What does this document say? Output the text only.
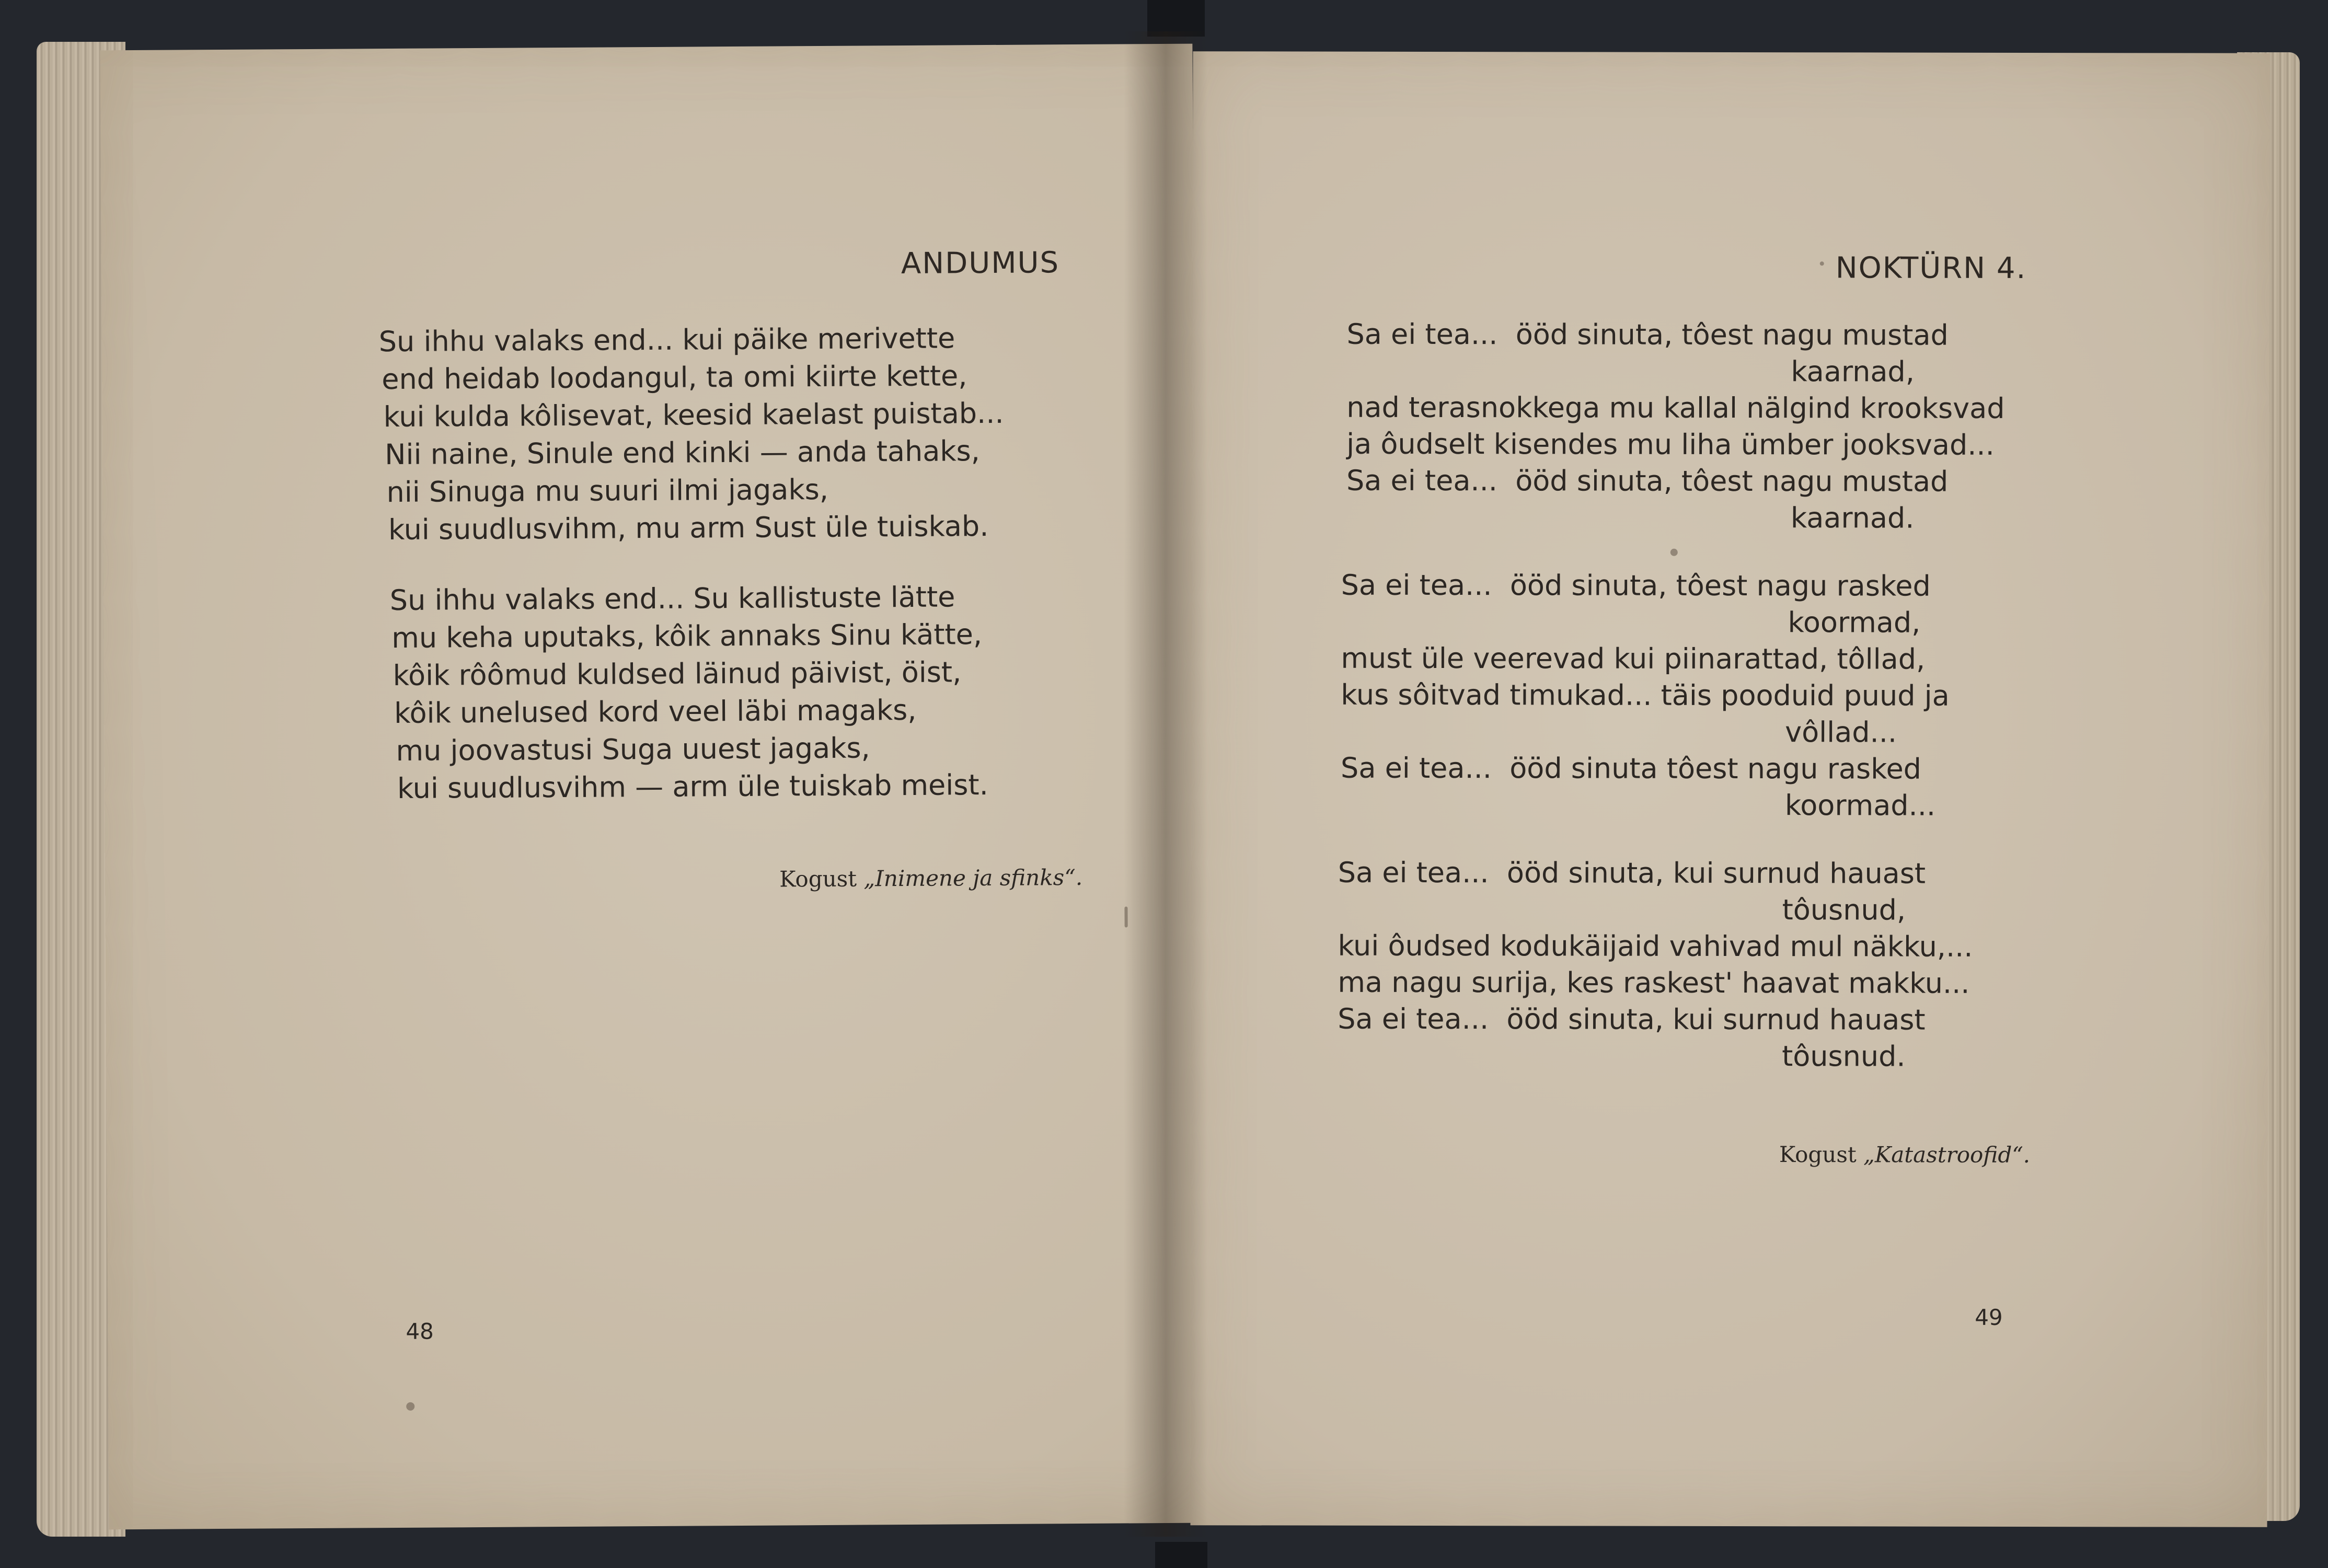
ANDUMUS
Su ihhu valaks end... kui päike merivette
end heidab loodangul, ta omi kiirte kette,
kui kulda kôlisevat, keesid kaelast puistab...
Nii naine, Sinule end kinki — anda tahaks,
nii Sinuga mu suuri ilmi jagaks,
kui suudlusvihm, mu arm Sust üle tuiskab.
Su ihhu valaks end... Su kallistuste lätte
mu keha uputaks, kôik annaks Sinu kätte,
kôik rôômud kuldsed läinud päivist, öist,
kôik unelused kord veel läbi magaks,
mu joovastusi Suga uuest jagaks,
kui suudlusvihm — arm üle tuiskab meist.

Kogust „Inimene ja sfinks“.

48
NOKTÜRN 4.
Sa ei tea...  ööd sinuta, tôest nagu mustad
kaarnad,
nad terasnokkega mu kallal nälgind krooksvad
ja ôudselt kisendes mu liha ümber jooksvad...
Sa ei tea...  ööd sinuta, tôest nagu mustad
kaarnad.
Sa ei tea...  ööd sinuta, tôest nagu rasked
koormad,
must üle veerevad kui piinarattad, tôllad,
kus sôitvad timukad... täis pooduid puud ja
vôllad...
Sa ei tea...  ööd sinuta tôest nagu rasked
koormad...
Sa ei tea...  ööd sinuta, kui surnud hauast
tôusnud,
kui ôudsed kodukäijaid vahivad mul näkku,...
ma nagu surija, kes raskest' haavat makku...
Sa ei tea...  ööd sinuta, kui surnud hauast
tôusnud.

Kogust „Katastroofid“.

49
